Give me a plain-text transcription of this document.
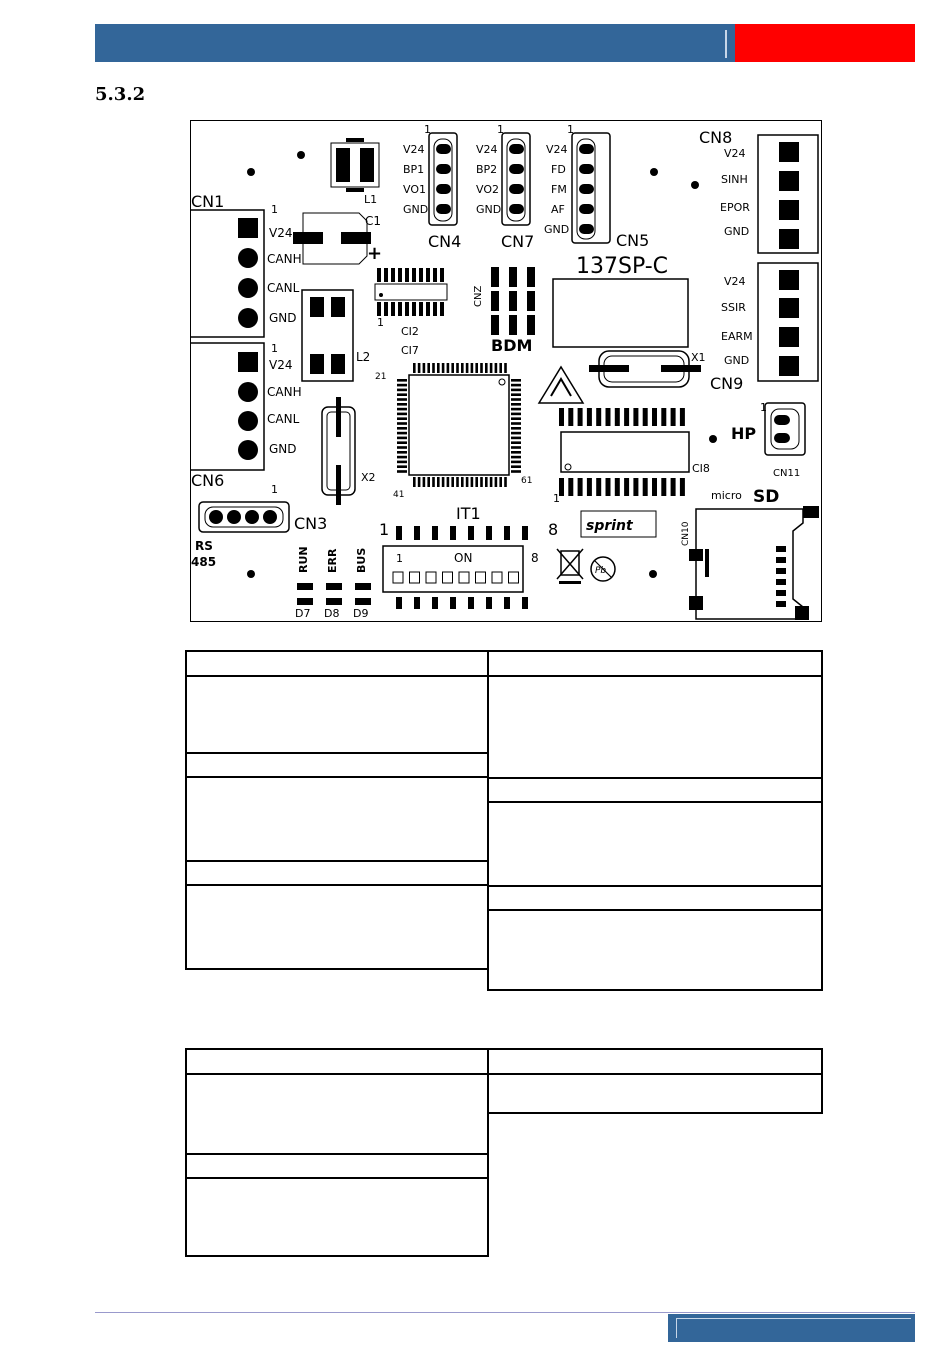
5.3.2
CN1	1
V24
CANH
CANL
GND
1
V24
CANH
CANL
GND
CN6
L1
C1
+
L2
X2
1
CN3
RS
485
1
V24
BP1
VO1
GND
CN4
1
V24
BP2
VO2
GND
CN7
1
V24
FD
FM
AF
GND
CN5
137SP-C
1
CI2
CI7
CNZ
BDM
21
41
61
X1
CI8
1
CN8
V24
SINH
EPOR
GND
V24
SSIR
EARM
GND
CN9
HP
1
CN11
micro SD
CN10
sprint
Pb
IT1
1	8
1	ON	8
RUN ERR BUS
D7 D8 D9
